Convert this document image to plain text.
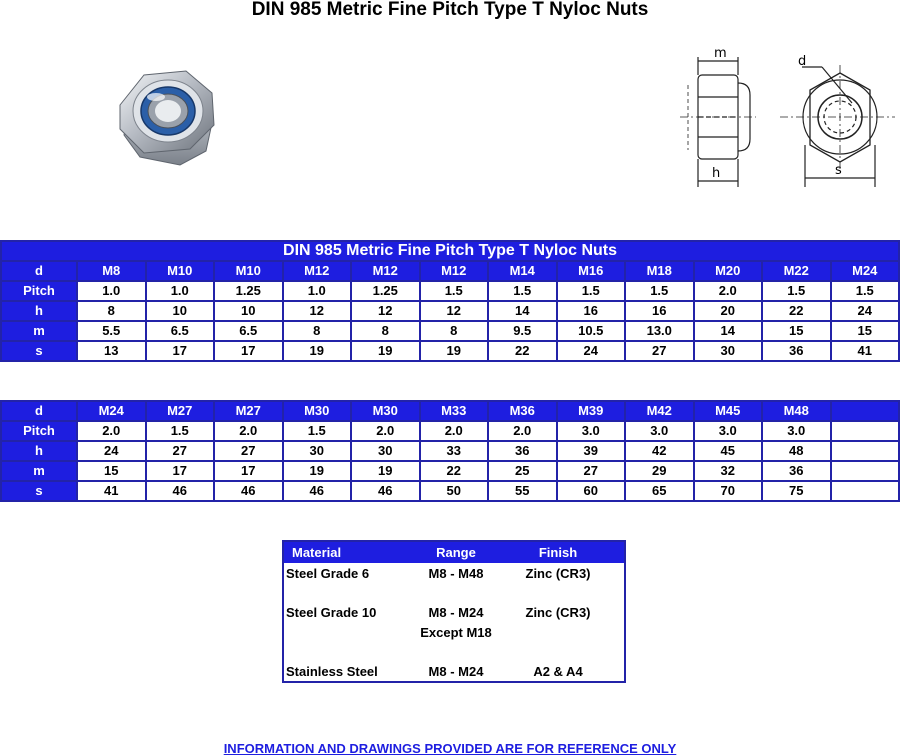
DIN 985 Metric Fine Pitch Type T Nyloc Nuts
m
d
h	s
DIN 985 Metric Fine Pitch Type T Nyloc Nuts												
d	M8	M10	M10	M12	M12	M12	M14	M16	M18	M20	M22	M24
Pitch	1.0	1.0	1.25	1.0	1.25	1.5	1.5	1.5	1.5	2.0	1.5	1.5
h	8	10	10	12	12	12	14	16	16	20	22	24
m	5.5	6.5	6.5	8	8	8	9.5	10.5	13.0	14	15	15
s	13	17	17	19	19	19	22	24	27	30	36	41
d	M24	M27	M27	M30	M30	M33	M36	M39	M42	M45	M48	
Pitch	2.0	1.5	2.0	1.5	2.0	2.0	2.0	3.0	3.0	3.0	3.0	
h	24	27	27	30	30	33	36	39	42	45	48	
m	15	17	17	19	19	22	25	27	29	32	36	
s	41	46	46	46	46	50	55	60	65	70	75	
Material	Range	Finish
Steel Grade 6	M8 - M48	Zinc (CR3)
Steel Grade 10	M8 - M24	Zinc (CR3)
Except M18
Stainless Steel	M8 - M24	A2 & A4
INFORMATION AND DRAWINGS PROVIDED ARE FOR REFERENCE ONLY
